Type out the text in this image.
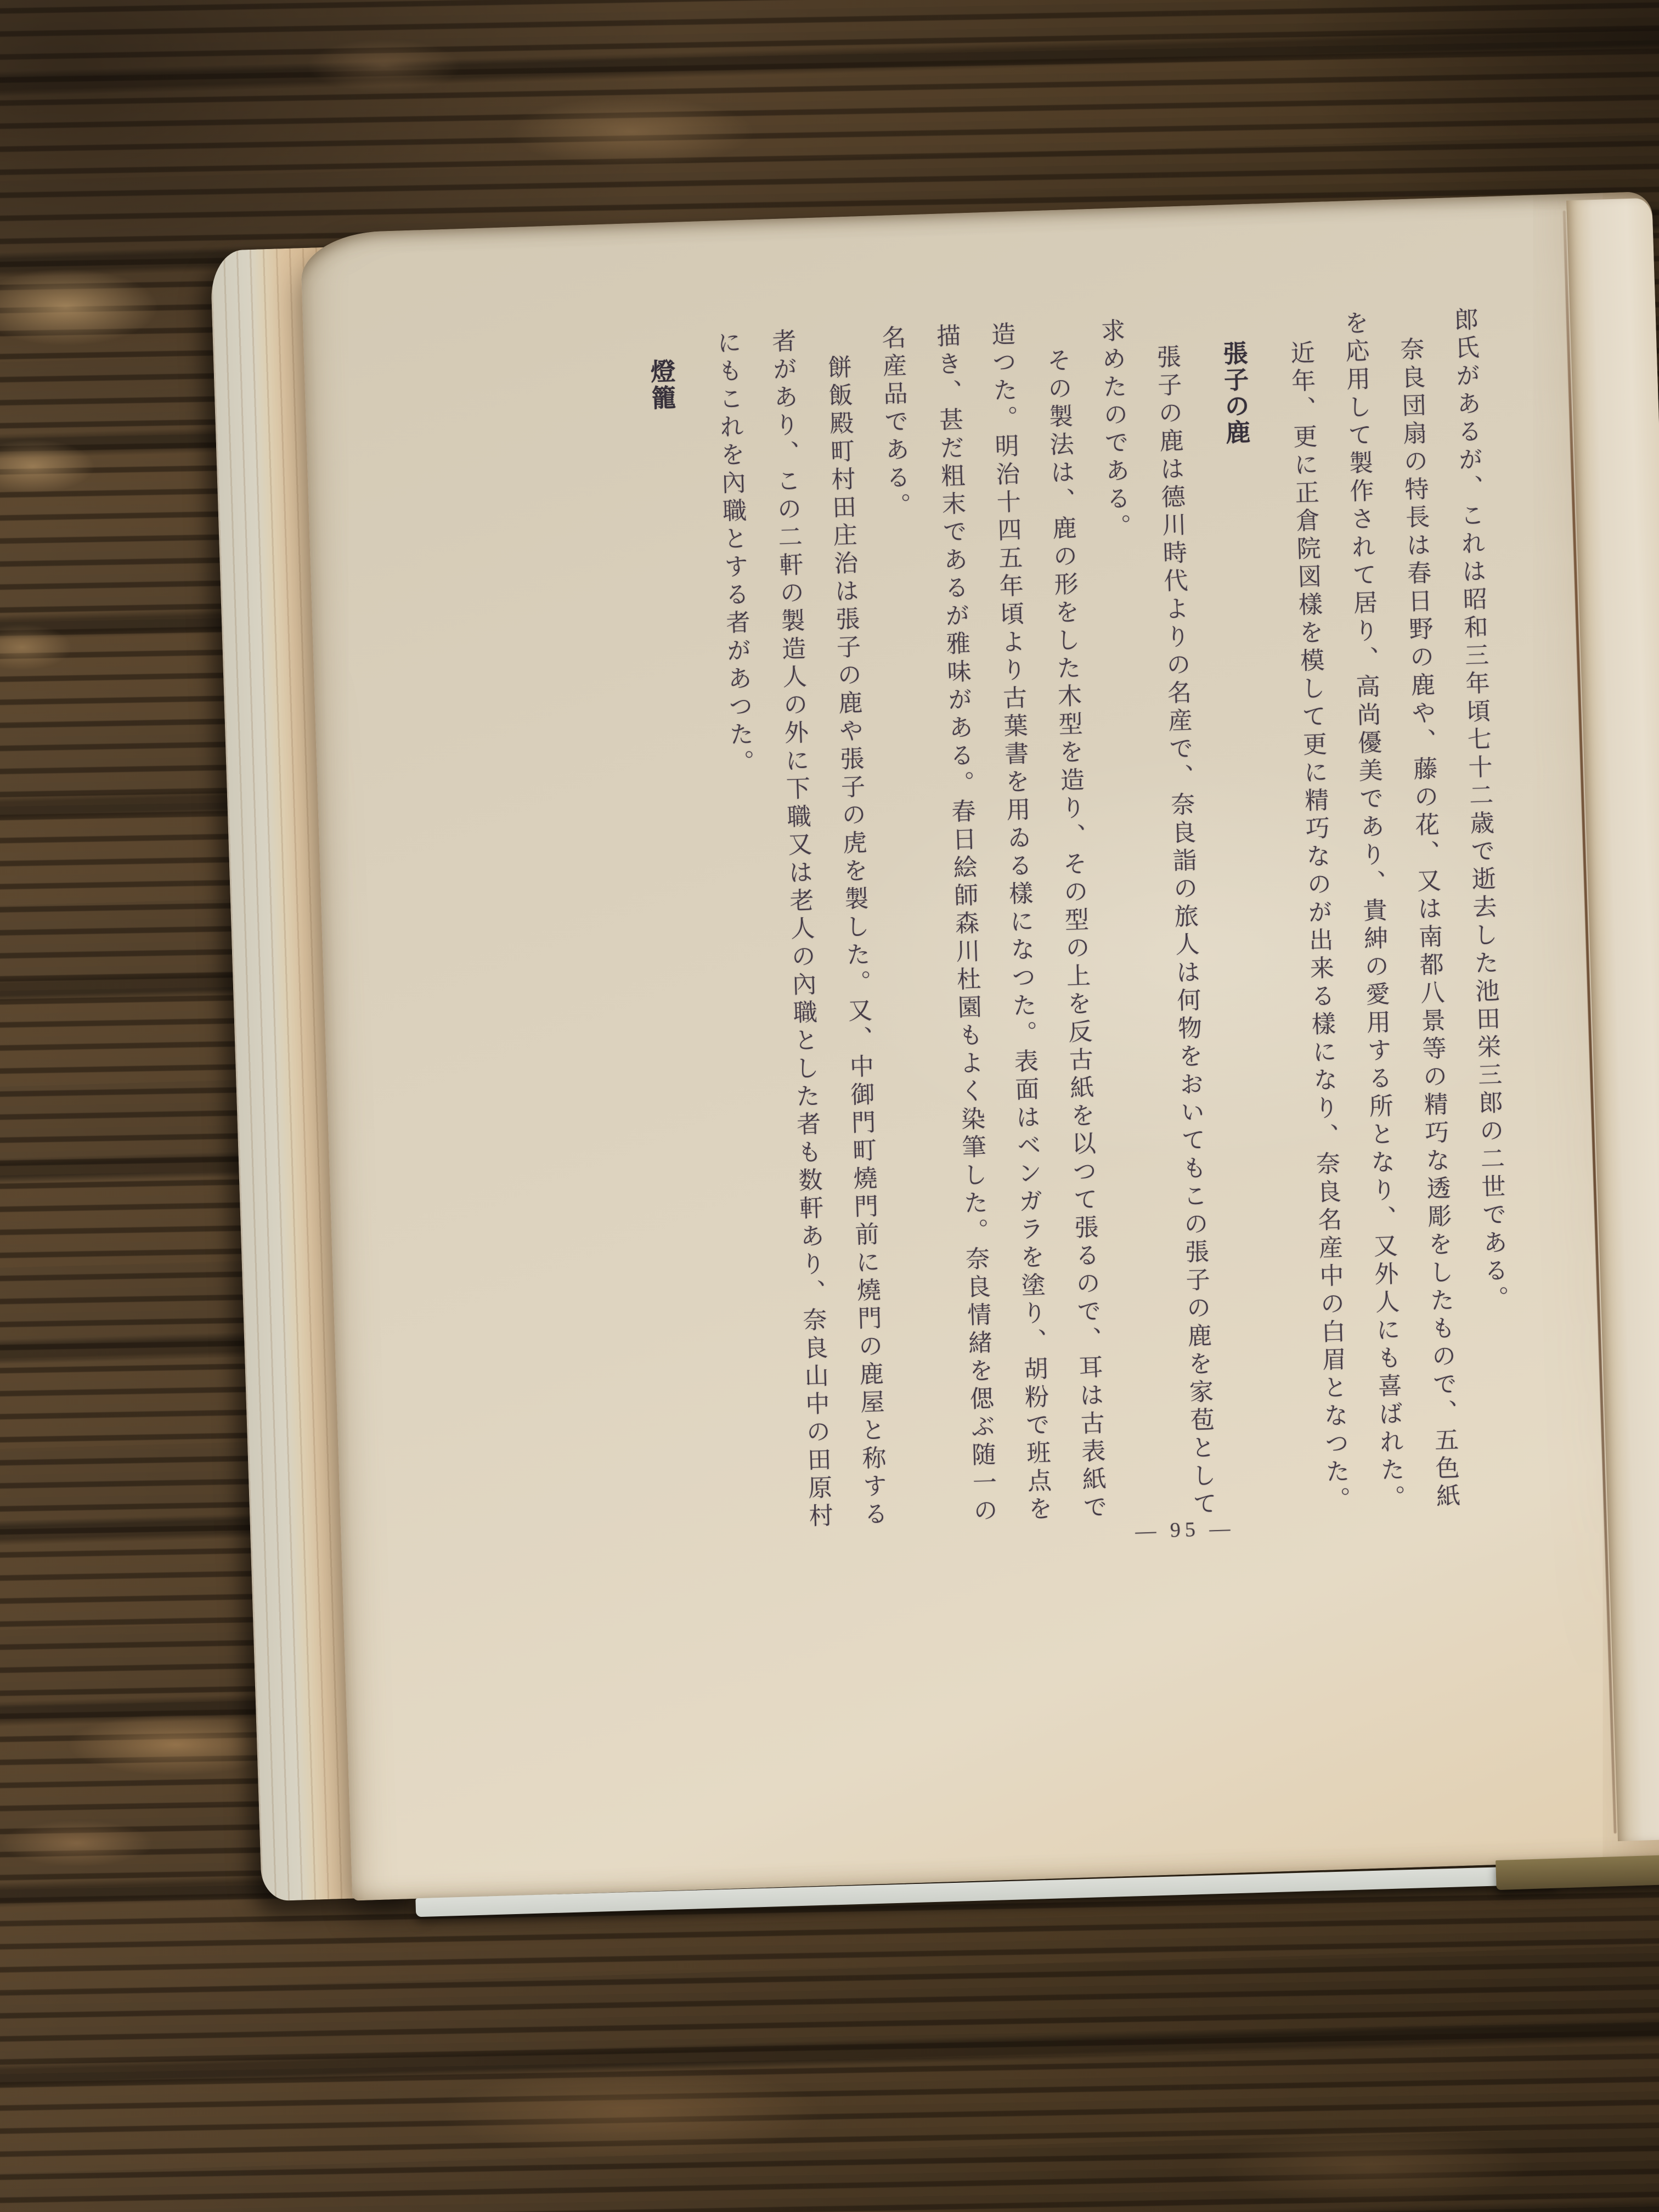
郎氏があるが、これは昭和三年頃七十二歳で逝去した池田栄三郎の二世である。
奈良団扇の特長は春日野の鹿や、藤の花、又は南都八景等の精巧な透彫をしたもので、五色紙
を応用して製作されて居り、高尚優美であり、貴紳の愛用する所となり、又外人にも喜ばれた。
近年、更に正倉院図樣を模して更に精巧なのが出来る樣になり、奈良名産中の白眉となつた。
張子の鹿
張子の鹿は德川時代よりの名産で、奈良詣の旅人は何物をおいてもこの張子の鹿を家苞として
求めたのである。
その製法は、鹿の形をした木型を造り、その型の上を反古紙を以つて張るので、耳は古表紙で
造つた。明治十四五年頃より古葉書を用ゐる樣になつた。表面はベンガラを塗り、胡粉で班点を
描き、甚だ粗末であるが雅味がある。春日絵師森川杜園もよく染筆した。奈良情緒を偲ぶ随一の
名産品である。
餅飯殿町村田庄治は張子の鹿や張子の虎を製した。又、中御門町燒門前に燒門の鹿屋と称する
者があり、この二軒の製造人の外に下職又は老人の內職とした者も数軒あり、奈良山中の田原村
にもこれを內職とする者があつた。
燈籠
— 95 —
